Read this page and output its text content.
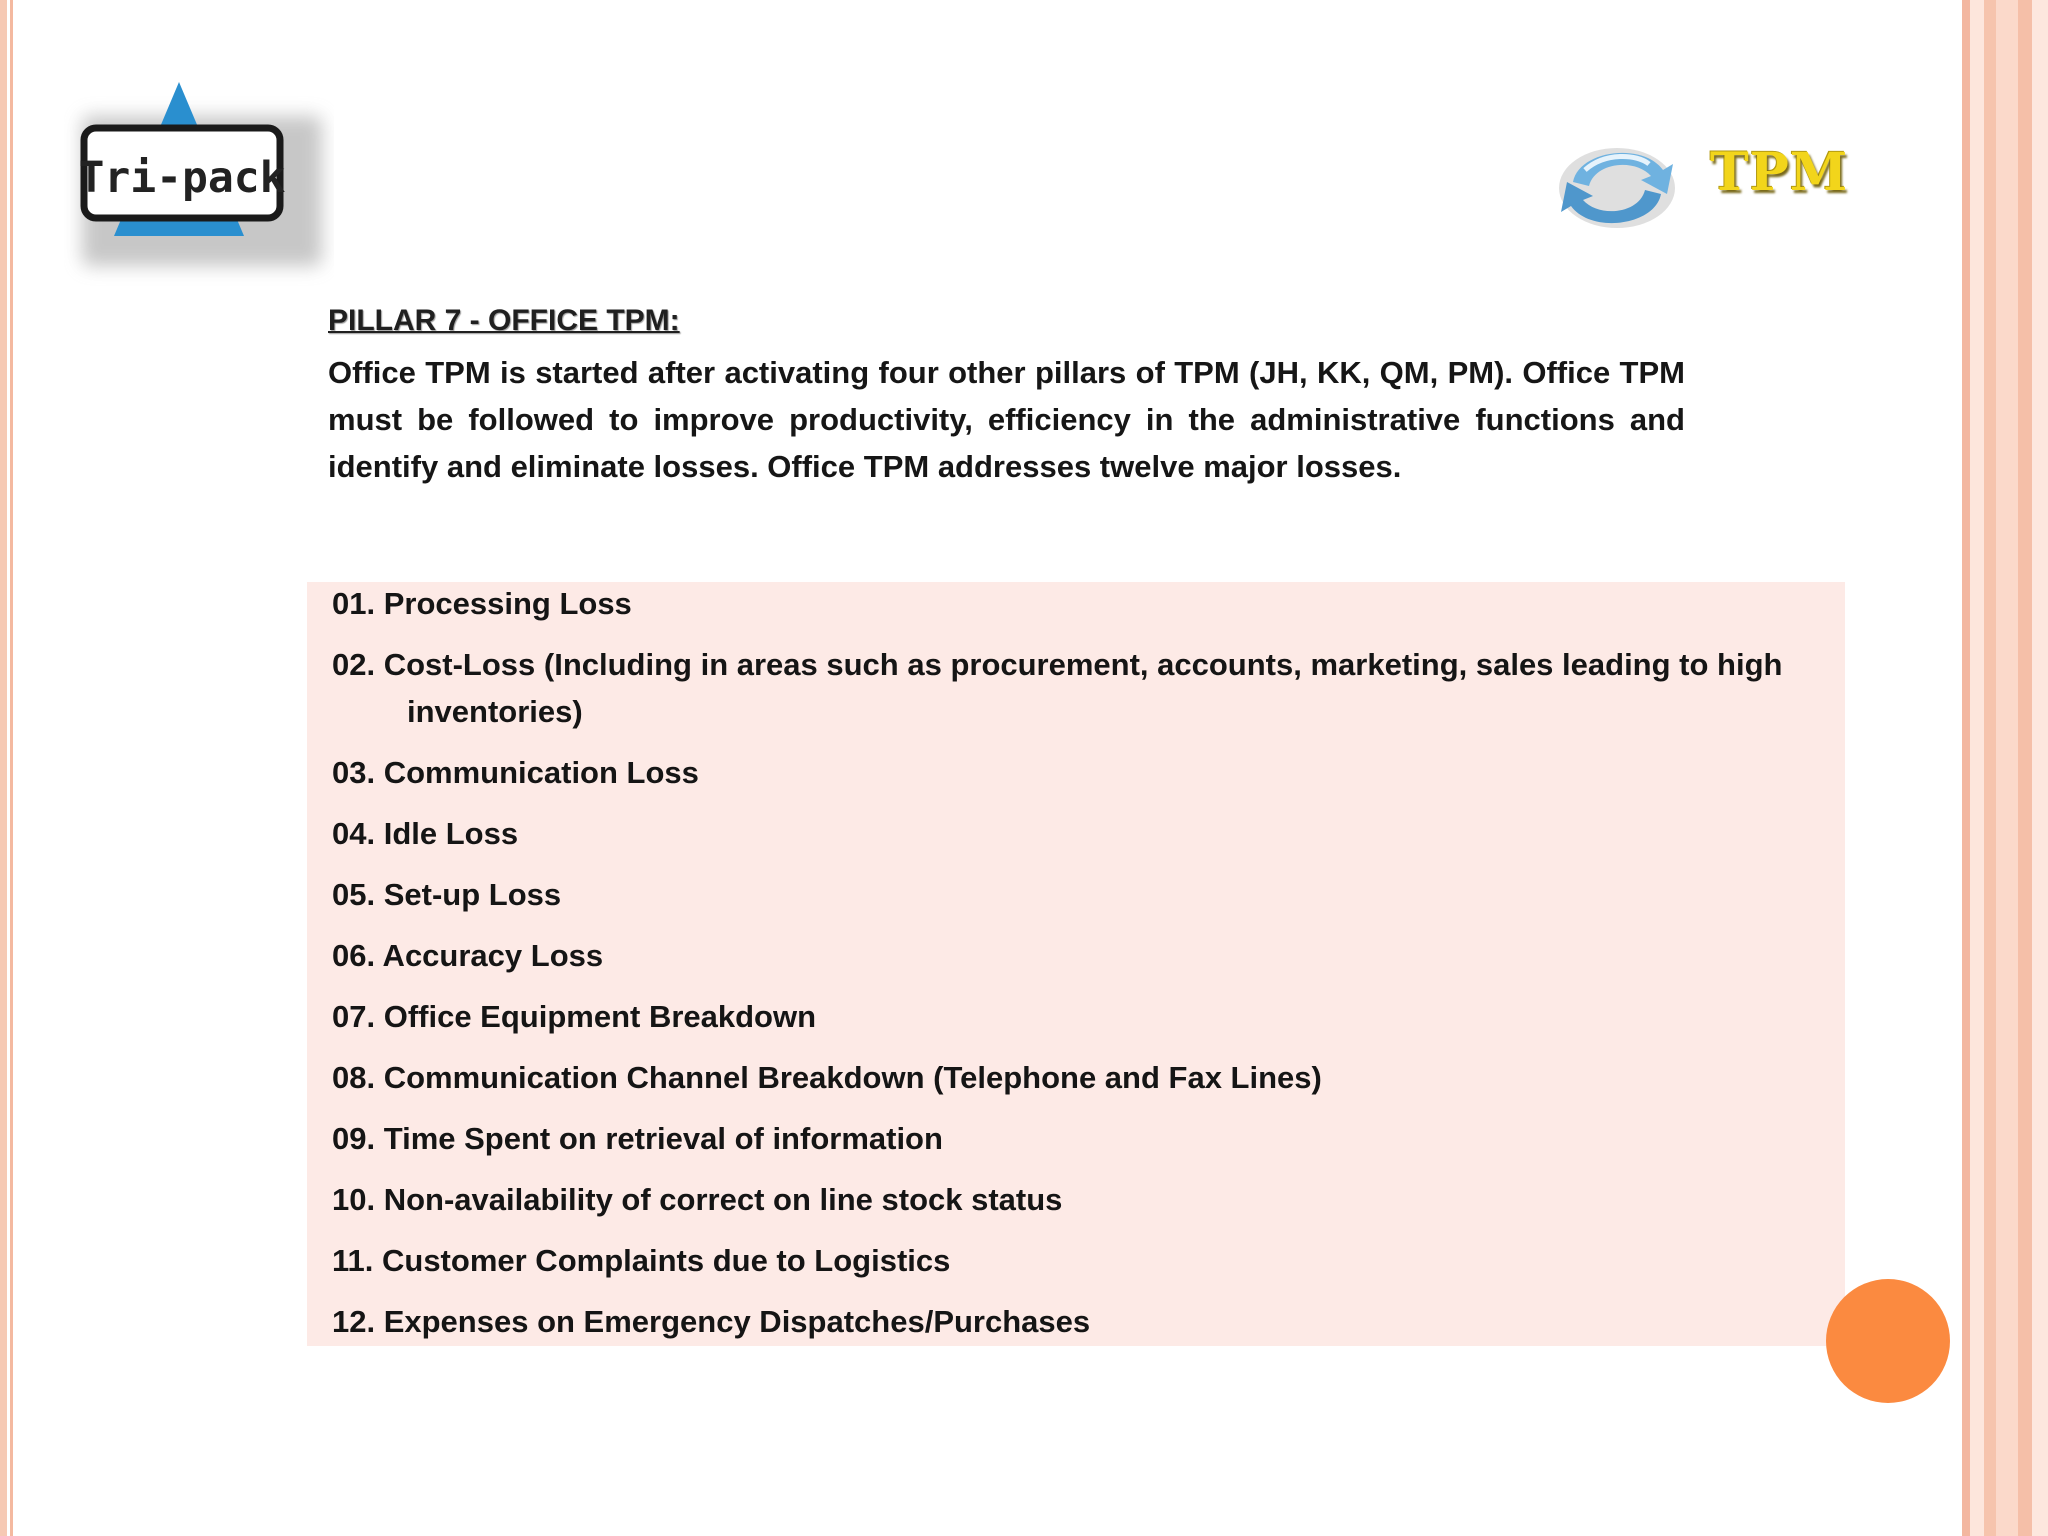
Tri-pack	TPM
PILLAR 7 - OFFICE TPM:

Office TPM is started after activating four other pillars of TPM (JH, KK, QM, PM). Office TPM must be followed to improve productivity, efficiency in the administrative functions and identify and eliminate losses. Office TPM addresses twelve major losses.

01. Processing Loss
02. Cost-Loss (Including in areas such as procurement, accounts, marketing, sales leading to high inventories)
03. Communication Loss
04. Idle Loss
05. Set-up Loss
06. Accuracy Loss
07. Office Equipment Breakdown
08. Communication Channel Breakdown (Telephone and Fax Lines)
09. Time Spent on retrieval of information
10. Non-availability of correct on line stock status
11. Customer Complaints due to Logistics
12. Expenses on Emergency Dispatches/Purchases
